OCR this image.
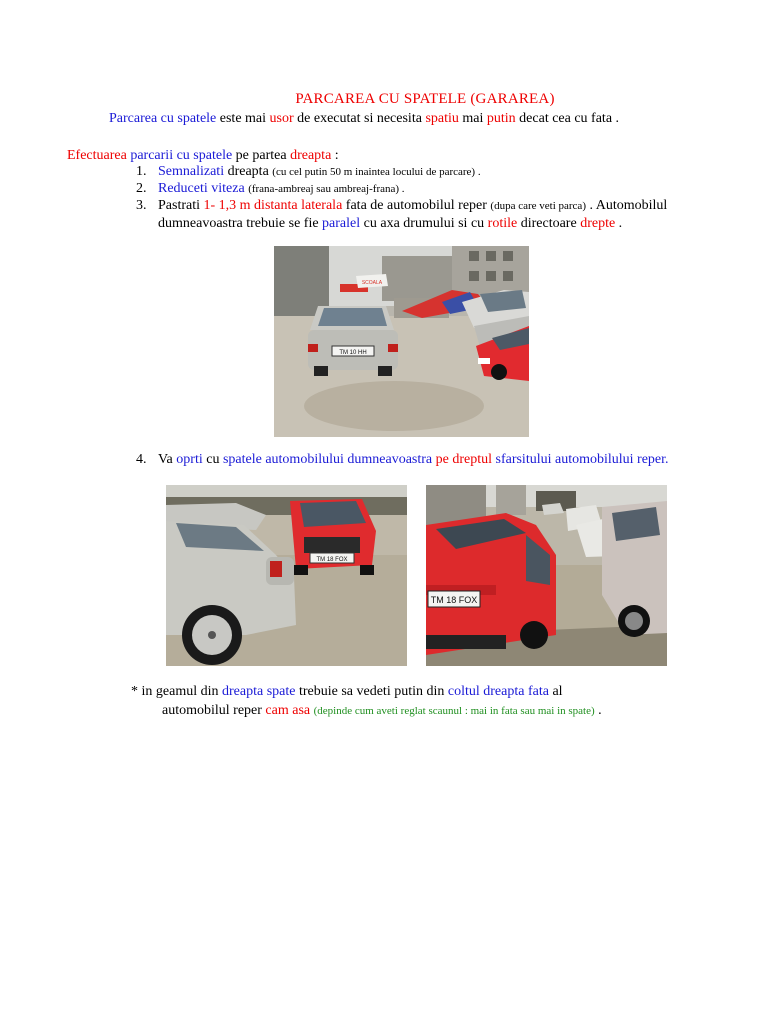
PARCAREA CU SPATELE (GARAREA)
Parcarea cu spatele este mai usor de executat si necesita spatiu mai putin decat cea cu fata .
Efectuarea parcarii cu spatele pe partea dreapta :
1. Semnalizati dreapta (cu cel putin 50 m inaintea locului de parcare) .
2. Reduceti viteza (frana-ambreaj sau ambreaj-frana) .
3. Pastrati 1- 1,3 m distanta laterala fata de automobilul reper (dupa care veti parca) . Automobilul
dumneavoastra trebuie se fie paralel cu axa drumului si cu rotile directoare drepte .
SCOALA
TM 10 HH
4. Va oprti cu spatele automobilului dumneavoastra pe dreptul sfarsitului automobilului reper.
TM 18 FOX
TM 18 FOX
* in geamul din dreapta spate trebuie sa vedeti putin din coltul dreapta fata al
automobilul reper cam asa (depinde cum aveti reglat scaunul : mai in fata sau mai in spate) .
